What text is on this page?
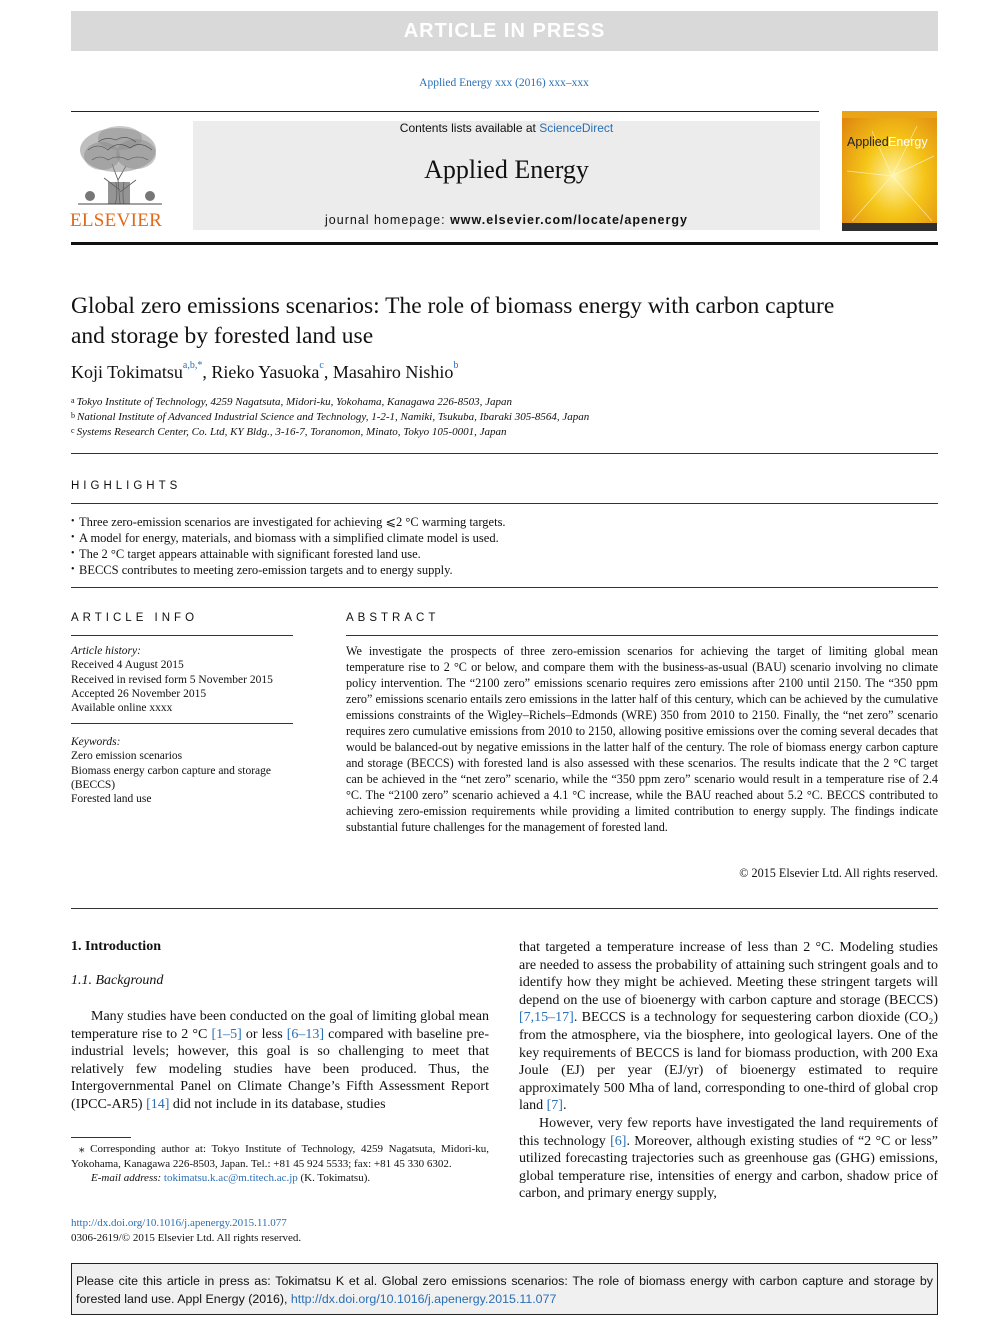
ARTICLE IN PRESS
Applied Energy xxx (2016) xxx–xxx
ELSEVIER
Contents lists available at ScienceDirect
Applied Energy
journal homepage: www.elsevier.com/locate/apenergy
Applied Energy
Global zero emissions scenarios: The role of biomass energy with carbon capture and storage by forested land use
Koji Tokimatsu$^{a,b,*}$, Rieko Yasuoka$^c$, Masahiro Nishio$^b$
$^a$ Tokyo Institute of Technology, 4259 Nagatsuta, Midori-ku, Yokohama, Kanagawa 226-8503, Japan
$^b$ National Institute of Advanced Industrial Science and Technology, 1-2-1, Namiki, Tsukuba, Ibaraki 305-8564, Japan
$^c$ Systems Research Center, Co. Ltd, KY Bldg., 3-16-7, Toranomon, Minato, Tokyo 105-0001, Japan
HIGHLIGHTS
• Three zero-emission scenarios are investigated for achieving ⩽2 °C warming targets.
• A model for energy, materials, and biomass with a simplified climate model is used.
• The 2 °C target appears attainable with significant forested land use.
• BECCS contributes to meeting zero-emission targets and to energy supply.
ARTICLE INFO
Article history:
Received 4 August 2015
Received in revised form 5 November 2015
Accepted 26 November 2015
Available online xxxx
Keywords:
Zero emission scenarios
Biomass energy carbon capture and storage
(BECCS)
Forested land use
ABSTRACT
We investigate the prospects of three zero-emission scenarios for achieving the target of limiting global mean temperature rise to 2 °C or below, and compare them with the business-as-usual (BAU) scenario involving no climate policy intervention. The “2100 zero” emissions scenario requires zero emissions after 2100 until 2150. The “350 ppm zero” emissions scenario entails zero emissions in the latter half of this century, which can be achieved by the cumulative emissions constraints of the Wigley–Richels–Edmonds (WRE) 350 from 2010 to 2150. Finally, the “net zero” scenario requires zero cumulative emissions from 2010 to 2150, allowing positive emissions over the coming several decades that would be balanced-out by negative emissions in the latter half of the century. The role of biomass energy carbon capture and storage (BECCS) with forested land is also assessed with these scenarios. The results indicate that the 2 °C target can be achieved in the “net zero” scenario, while the “350 ppm zero” scenario would result in a temperature rise of 2.4 °C. The “2100 zero” scenario achieved a 4.1 °C increase, while the BAU reached about 5.2 °C. BECCS contributed to achieving zero-emission requirements while providing a limited contribution to energy supply. The findings indicate substantial future challenges for the management of forested land.
© 2015 Elsevier Ltd. All rights reserved.
1. Introduction
1.1. Background

Many studies have been conducted on the goal of limiting global mean temperature rise to 2 °C [1–5] or less [6–13] compared with baseline pre-industrial levels; however, this goal is so challenging to meet that relatively few modeling studies have been produced. Thus, the Intergovernmental Panel on Climate Change’s Fifth Assessment Report (IPCC-AR5) [14] did not include in its database, studies

that targeted a temperature increase of less than 2 °C. Modeling studies are needed to assess the probability of attaining such stringent goals and to identify how they might be achieved. Meeting these stringent targets will depend on the use of bioenergy with carbon capture and storage (BECCS) [7,15–17]. BECCS is a technology for sequestering carbon dioxide (CO₂) from the atmosphere, via the biosphere, into geological layers. One of the key requirements of BECCS is land for biomass production, with 200 Exa Joule (EJ) per year (EJ/yr) of bioenergy estimated to require approximately 500 Mha of land, corresponding to one-third of global crop land [7].

However, very few reports have investigated the land requirements of this technology [6]. Moreover, although existing studies of “2 °C or less” utilized forecasting trajectories such as greenhouse gas (GHG) emissions, global temperature rise, intensities of energy and carbon, shadow price of carbon, and primary energy supply,

⁎ Corresponding author at: Tokyo Institute of Technology, 4259 Nagatsuta, Midori-ku, Yokohama, Kanagawa 226-8503, Japan. Tel.: +81 45 924 5533; fax: +81 45 330 6302.
E-mail address: tokimatsu.k.ac@m.titech.ac.jp (K. Tokimatsu).
http://dx.doi.org/10.1016/j.apenergy.2015.11.077
0306-2619/© 2015 Elsevier Ltd. All rights reserved.
Please cite this article in press as: Tokimatsu K et al. Global zero emissions scenarios: The role of biomass energy with carbon capture and storage by forested land use. Appl Energy (2016), http://dx.doi.org/10.1016/j.apenergy.2015.11.077
